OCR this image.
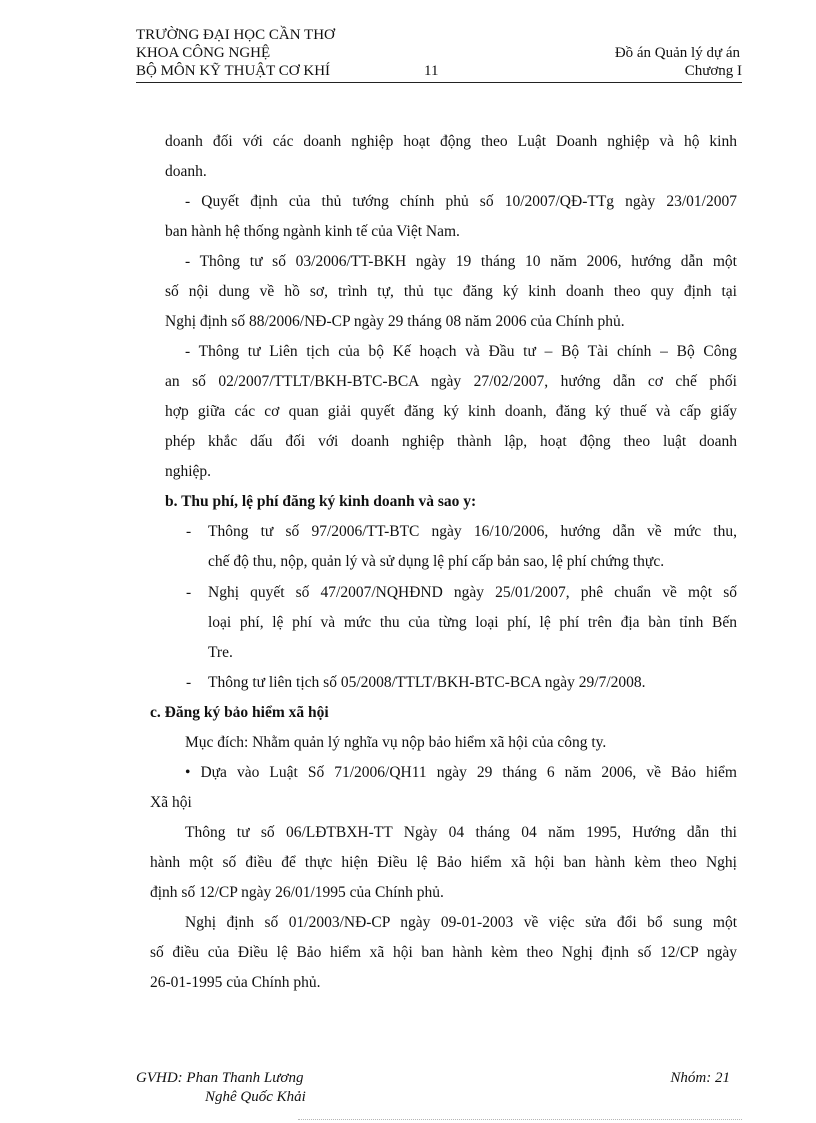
TRƯỜNG ĐẠI HỌC CẦN THƠ
KHOA CÔNG NGHỆ
BỘ MÔN KỸ THUẬT CƠ KHÍ	11
Đồ án Quản lý dự án
Chương I
doanh đối với các doanh nghiệp hoạt động theo Luật Doanh nghiệp và hộ kinh
doanh.
- Quyết định của thủ tướng chính phủ số 10/2007/QĐ-TTg ngày 23/01/2007
ban hành hệ thống ngành kinh tế của Việt Nam.
- Thông tư số 03/2006/TT-BKH ngày 19 tháng 10 năm 2006, hướng dẫn một
số nội dung về hồ sơ, trình tự, thủ tục đăng ký kinh doanh theo quy định tại
Nghị định số 88/2006/NĐ-CP ngày 29 tháng 08 năm 2006 của Chính phủ.
- Thông tư Liên tịch của bộ Kế hoạch và Đầu tư – Bộ Tài chính – Bộ Công
an số 02/2007/TTLT/BKH-BTC-BCA ngày 27/02/2007, hướng dẫn cơ chế phối
hợp giữa các cơ quan giải quyết đăng ký kinh doanh, đăng ký thuế và cấp giấy
phép khắc dấu đối với doanh nghiệp thành lập, hoạt động theo luật doanh
nghiệp.
b. Thu phí, lệ phí đăng ký kinh doanh và sao y:
- Thông tư số 97/2006/TT-BTC ngày 16/10/2006, hướng dẫn về mức thu,
chế độ thu, nộp, quản lý và sử dụng lệ phí cấp bản sao, lệ phí chứng thực.
- Nghị quyết số 47/2007/NQHĐND ngày 25/01/2007, phê chuẩn về một số
loại phí, lệ phí và mức thu của từng loại phí, lệ phí trên địa bàn tỉnh Bến
Tre.
- Thông tư liên tịch số 05/2008/TTLT/BKH-BTC-BCA ngày 29/7/2008.
c. Đăng ký bảo hiểm xã hội
Mục đích: Nhằm quản lý nghĩa vụ nộp bảo hiểm xã hội của công ty.
• Dựa vào Luật Số 71/2006/QH11 ngày 29 tháng 6 năm 2006, về Bảo hiểm
Xã hội
Thông tư số 06/LĐTBXH-TT Ngày 04 tháng 04 năm 1995, Hướng dẫn thi
hành một số điều để thực hiện Điều lệ Bảo hiểm xã hội ban hành kèm theo Nghị
định số 12/CP ngày 26/01/1995 của Chính phủ.
Nghị định số 01/2003/NĐ-CP ngày 09-01-2003 về việc sửa đổi bổ sung một
số điều của Điều lệ Bảo hiểm xã hội ban hành kèm theo Nghị định số 12/CP ngày
26-01-1995 của Chính phủ.
GVHD: Phan Thanh Lương
Nghê Quốc Khải
Nhóm: 21
